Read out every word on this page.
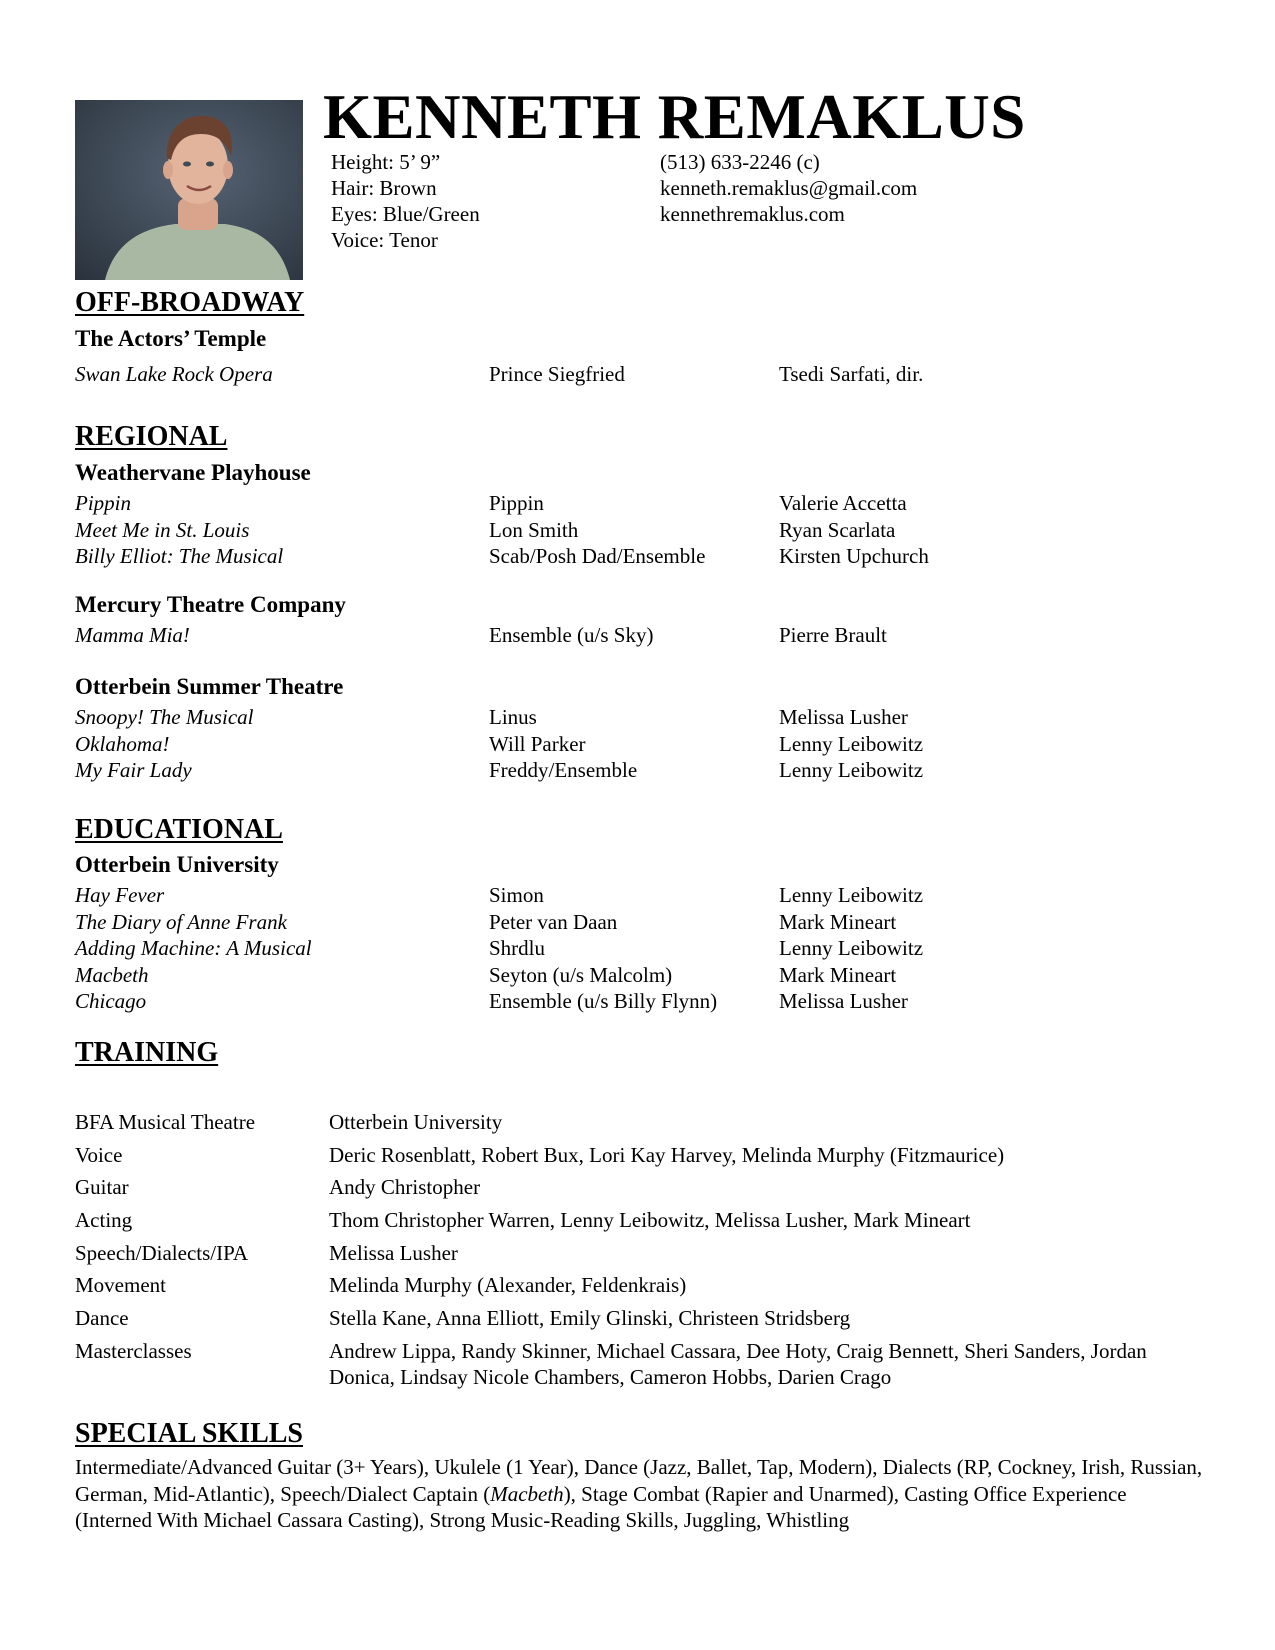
KENNETH REMAKLUS
Height: 5’ 9”
Hair: Brown
Eyes: Blue/Green
Voice: Tenor
(513) 633-2246 (c)
kenneth.remaklus@gmail.com
kennethremaklus.com
OFF-BROADWAY
The Actors’ Temple
Swan Lake Rock Opera	Prince Siegfried	Tsedi Sarfati, dir.
REGIONAL
Weathervane Playhouse
Pippin	Pippin	Valerie Accetta
Meet Me in St. Louis	Lon Smith	Ryan Scarlata
Billy Elliot: The Musical	Scab/Posh Dad/Ensemble	Kirsten Upchurch
Mercury Theatre Company
Mamma Mia!	Ensemble (u/s Sky)	Pierre Brault
Otterbein Summer Theatre
Snoopy! The Musical	Linus	Melissa Lusher
Oklahoma!	Will Parker	Lenny Leibowitz
My Fair Lady	Freddy/Ensemble	Lenny Leibowitz
EDUCATIONAL
Otterbein University
Hay Fever	Simon	Lenny Leibowitz
The Diary of Anne Frank	Peter van Daan	Mark Mineart
Adding Machine: A Musical	Shrdlu	Lenny Leibowitz
Macbeth	Seyton (u/s Malcolm)	Mark Mineart
Chicago	Ensemble (u/s Billy Flynn)	Melissa Lusher
TRAINING
BFA Musical Theatre	Otterbein University
Voice	Deric Rosenblatt, Robert Bux, Lori Kay Harvey, Melinda Murphy (Fitzmaurice)
Guitar	Andy Christopher
Acting	Thom Christopher Warren, Lenny Leibowitz, Melissa Lusher, Mark Mineart
Speech/Dialects/IPA	Melissa Lusher
Movement	Melinda Murphy (Alexander, Feldenkrais)
Dance	Stella Kane, Anna Elliott, Emily Glinski, Christeen Stridsberg
Masterclasses	Andrew Lippa, Randy Skinner, Michael Cassara, Dee Hoty, Craig Bennett, Sheri Sanders, Jordan Donica, Lindsay Nicole Chambers, Cameron Hobbs, Darien Crago
SPECIAL SKILLS
Intermediate/Advanced Guitar (3+ Years), Ukulele (1 Year), Dance (Jazz, Ballet, Tap, Modern), Dialects (RP, Cockney, Irish, Russian, German, Mid-Atlantic), Speech/Dialect Captain (Macbeth), Stage Combat (Rapier and Unarmed), Casting Office Experience (Interned With Michael Cassara Casting), Strong Music-Reading Skills, Juggling, Whistling
